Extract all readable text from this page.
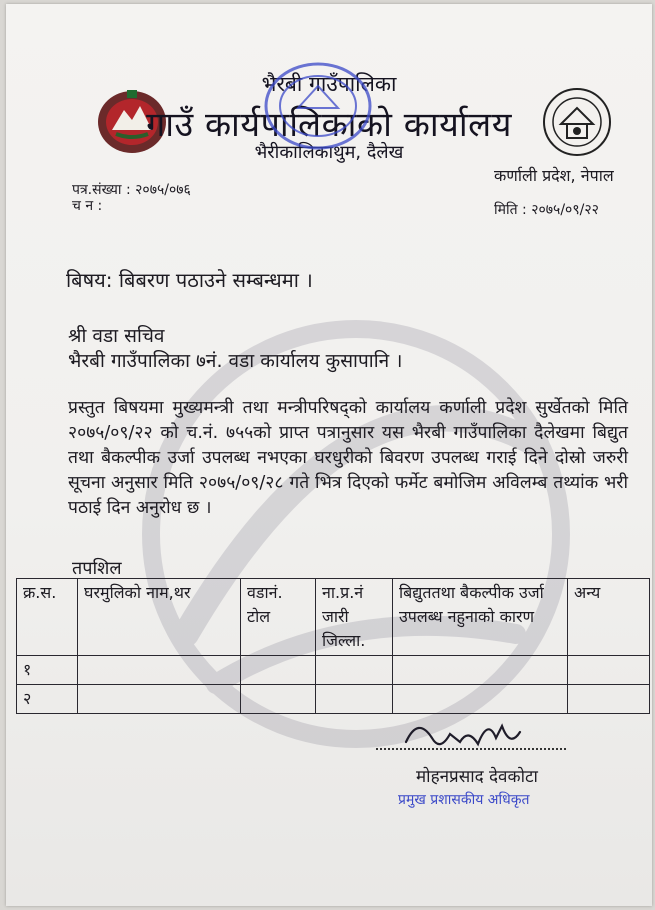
भैरबी गाउँपालिका
गाउँ कार्यपालिकाको कार्यालय
भैरीकालिकाथुम, दैलेख
कर्णाली प्रदेश, नेपाल
पत्र.संख्या : २०७५/०७६
च न :	मिति : २०७५/०९/२२
बिषय: बिबरण पठाउने सम्बन्धमा ।
श्री वडा सचिव
भैरबी गाउँपालिका ७नं. वडा कार्यालय कुसापानि ।
प्रस्तुत बिषयमा मुख्यमन्त्री तथा मन्त्रीपरिषद्को कार्यालय कर्णाली प्रदेश सुर्खेतको मिति २०७५/०९/२२ को च.नं. ७५५को प्राप्त पत्रानुसार यस भैरबी गाउँपालिका दैलेखमा बिद्युत तथा बैकल्पीक उर्जा उपलब्ध नभएका घरधुरीको बिवरण उपलब्ध गराई दिने दोस्रो जरुरी सूचना अनुसार मिति २०७५/०९/२८ गते भित्र दिएको फर्मेट बमोजिम अविलम्ब तथ्यांक भरी पठाई दिन अनुरोध छ ।
तपशिल
क्र.स.	घरमुलिको नाम,थर	वडानं. टोल	ना.प्र.नं जारी जिल्ला.	बिद्युततथा बैकल्पीक उर्जा उपलब्ध नहुनाको कारण	अन्य
१					
२					
मोहनप्रसाद देवकोटा
प्रमुख प्रशासकीय अधिकृत
